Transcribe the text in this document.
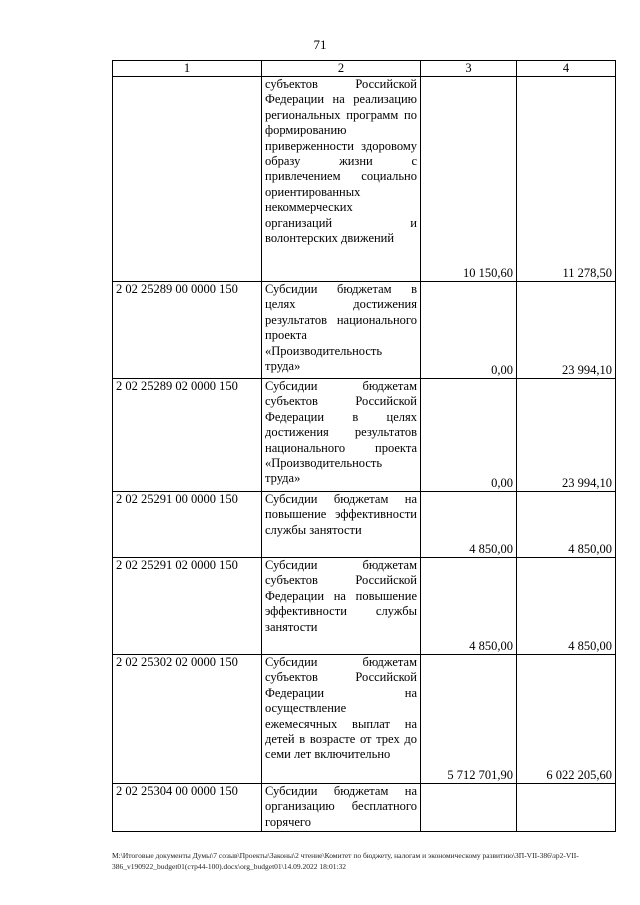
71
1	2	3	4
	субъектов Российской Федерации на реализацию региональных программ по формированию приверженности здоровому образу жизни с привлечением социально ориентированных некоммерческих организаций и волонтерских движений	10 150,60	11 278,50
2 02 25289 00 0000 150	Субсидии бюджетам в целях достижения результатов национального проекта «Производительность труда»	0,00	23 994,10
2 02 25289 02 0000 150	Субсидии бюджетам субъектов Российской Федерации в целях достижения результатов национального проекта «Производительность труда»	0,00	23 994,10
2 02 25291 00 0000 150	Субсидии бюджетам на повышение эффективности службы занятости	4 850,00	4 850,00
2 02 25291 02 0000 150	Субсидии бюджетам субъектов Российской Федерации на повышение эффективности службы занятости	4 850,00	4 850,00
2 02 25302 02 0000 150	Субсидии бюджетам субъектов Российской Федерации на осуществление ежемесячных выплат на детей в возрасте от трех до семи лет включительно	5 712 701,90	6 022 205,60
2 02 25304 00 0000 150	Субсидии бюджетам на организацию бесплатного горячего		
M:\Итоговые документы Думы\7 созыв\Проекты\Законы\2 чтение\Комитет по бюджету, налогам и экономическому развитию\ЗП-VII-386\зр2-VII-386_v190922_budget01(стр44-100).docx\org_budget01\14.09.2022 18:01:32
